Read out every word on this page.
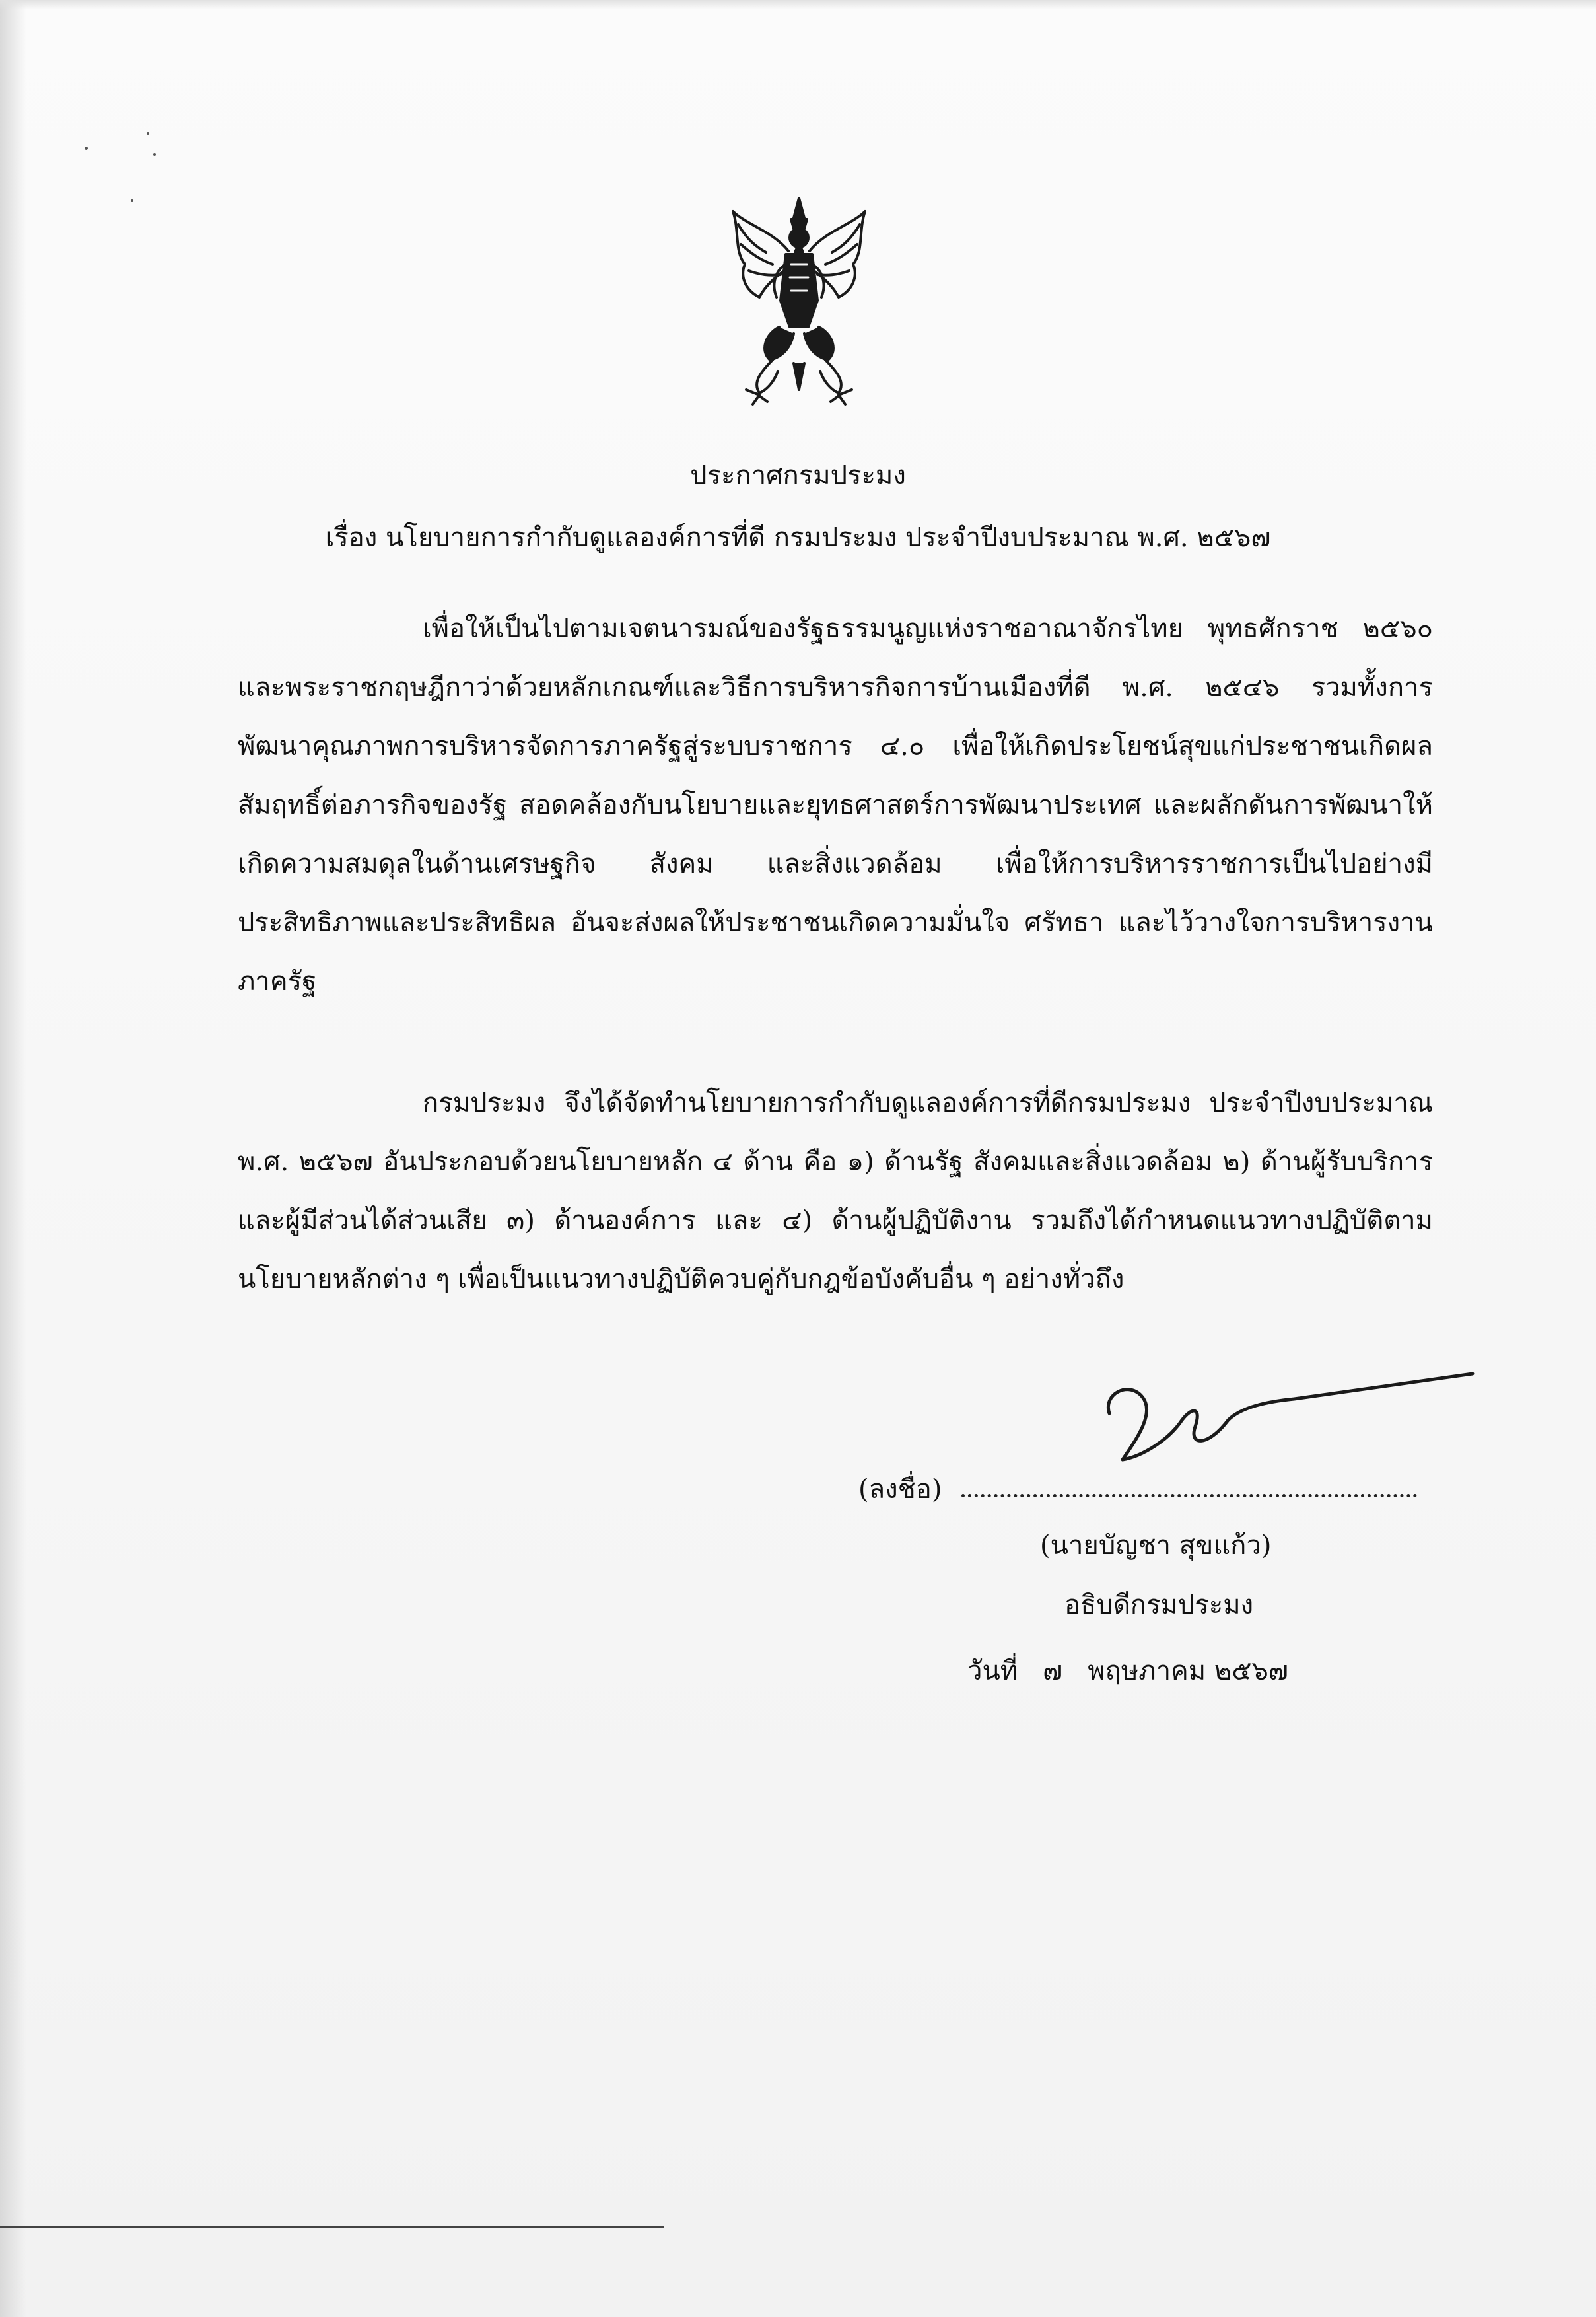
ประกาศกรมประมง
เรื่อง นโยบายการกำกับดูแลองค์การที่ดี กรมประมง ประจำปีงบประมาณ พ.ศ. ๒๕๖๗

เพื่อให้เป็นไปตามเจตนารมณ์ของรัฐธรรมนูญแห่งราชอาณาจักรไทย พุทธศักราช ๒๕๖๐ และพระราชกฤษฎีกาว่าด้วยหลักเกณฑ์และวิธีการบริหารกิจการบ้านเมืองที่ดี พ.ศ. ๒๕๔๖ รวมทั้งการพัฒนาคุณภาพการบริหารจัดการภาครัฐสู่ระบบราชการ ๔.๐ เพื่อให้เกิดประโยชน์สุขแก่ประชาชนเกิดผลสัมฤทธิ์ต่อภารกิจของรัฐ สอดคล้องกับนโยบายและยุทธศาสตร์การพัฒนาประเทศ และผลักดันการพัฒนาให้เกิดความสมดุลในด้านเศรษฐกิจ สังคม และสิ่งแวดล้อม เพื่อให้การบริหารราชการเป็นไปอย่างมีประสิทธิภาพและประสิทธิผล อันจะส่งผลให้ประชาชนเกิดความมั่นใจ ศรัทธา และไว้วางใจการบริหารงานภาครัฐ

กรมประมง จึงได้จัดทำนโยบายการกำกับดูแลองค์การที่ดีกรมประมง ประจำปีงบประมาณ พ.ศ. ๒๕๖๗ อันประกอบด้วยนโยบายหลัก ๔ ด้าน คือ ๑) ด้านรัฐ สังคมและสิ่งแวดล้อม ๒) ด้านผู้รับบริการและผู้มีส่วนได้ส่วนเสีย ๓) ด้านองค์การ และ ๔) ด้านผู้ปฏิบัติงาน รวมถึงได้กำหนดแนวทางปฏิบัติตามนโยบายหลักต่าง ๆ เพื่อเป็นแนวทางปฏิบัติควบคู่กับกฎข้อบังคับอื่น ๆ อย่างทั่วถึง

(ลงชื่อ)
(นายบัญชา สุขแก้ว)
อธิบดีกรมประมง
วันที่ ๗ พฤษภาคม ๒๕๖๗
